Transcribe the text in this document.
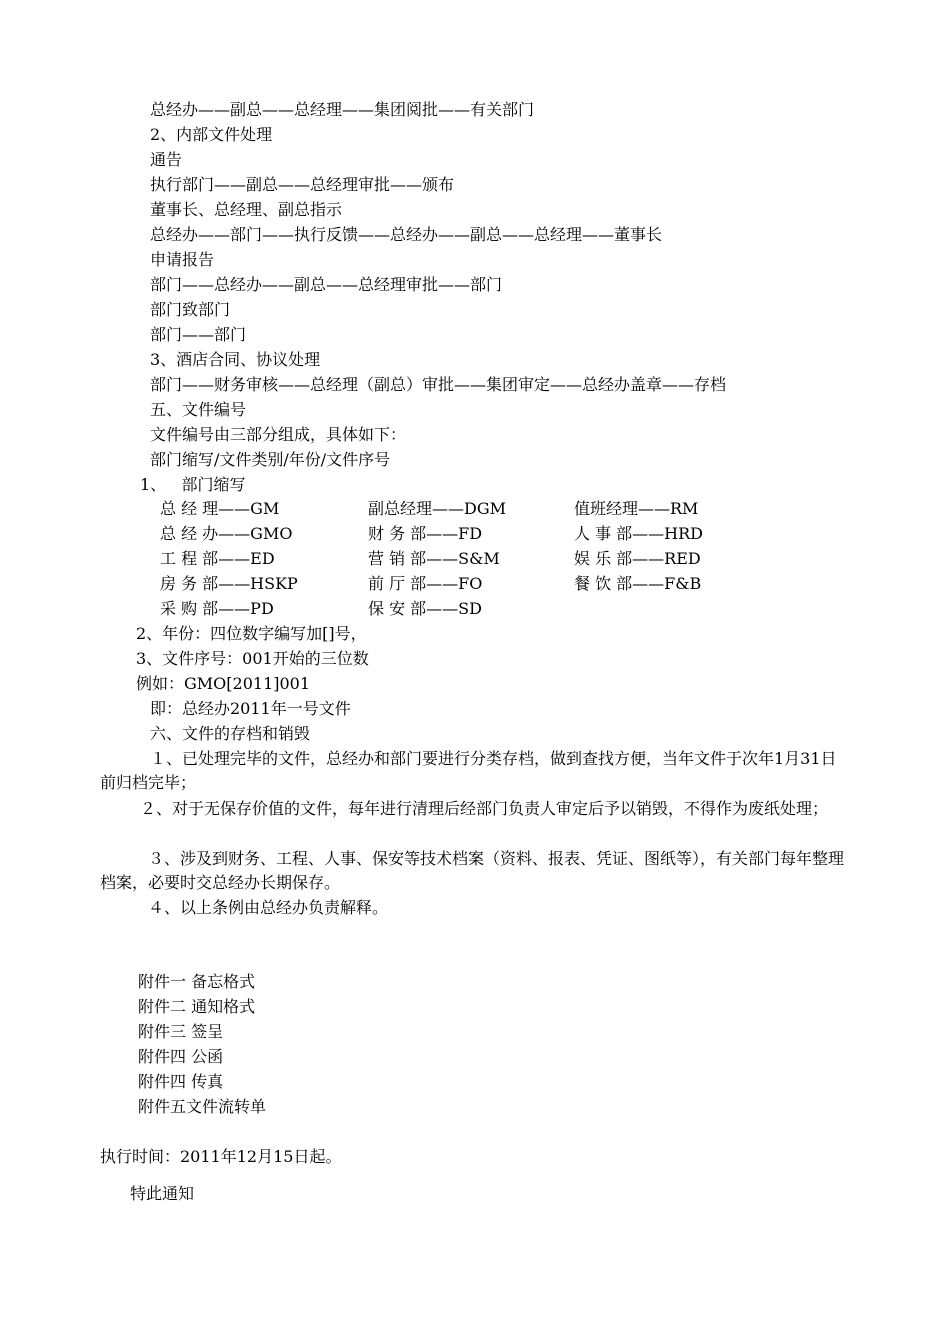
总经办——副总——总经理——集团阅批——有关部门
2、内部文件处理
通告
执行部门——副总——总经理审批——颁布
董事长、总经理、副总指示
总经办——部门——执行反馈——总经办——副总——总经理——董事长
申请报告
部门——总经办——副总——总经理审批——部门
部门致部门
部门——部门
3、酒店合同、协议处理
部门——财务审核——总经理（副总）审批——集团审定——总经办盖章——存档
五、文件编号
文件编号由三部分组成，具体如下：
部门缩写/文件类别/年份/文件序号
1、   部门缩写
总 经 理——GM	副总经理——DGM	值班经理——RM
总 经 办——GMO	财 务 部——FD	人 事 部——HRD
工 程 部——ED	营 销 部——S&M	娱 乐 部——RED
房 务 部——HSKP	前 厅 部——FO	餐 饮 部——F&B
采 购 部——PD	保 安 部——SD
2、年份：四位数字编写加[]号，
3、文件序号：001开始的三位数
例如：GMO[2011]001
即：总经办2011年一号文件
六、文件的存档和销毁
１、已处理完毕的文件，总经办和部门要进行分类存档，做到查找方便，当年文件于次年1月31日前归档完毕；
２、对于无保存价值的文件，每年进行清理后经部门负责人审定后予以销毁，不得作为废纸处理；
３、涉及到财务、工程、人事、保安等技术档案（资料、报表、凭证、图纸等），有关部门每年整理档案，必要时交总经办长期保存。
４、以上条例由总经办负责解释。
附件一 备忘格式
附件二 通知格式
附件三 签呈
附件四 公函
附件四 传真
附件五文件流转单
执行时间：2011年12月15日起。
特此通知
